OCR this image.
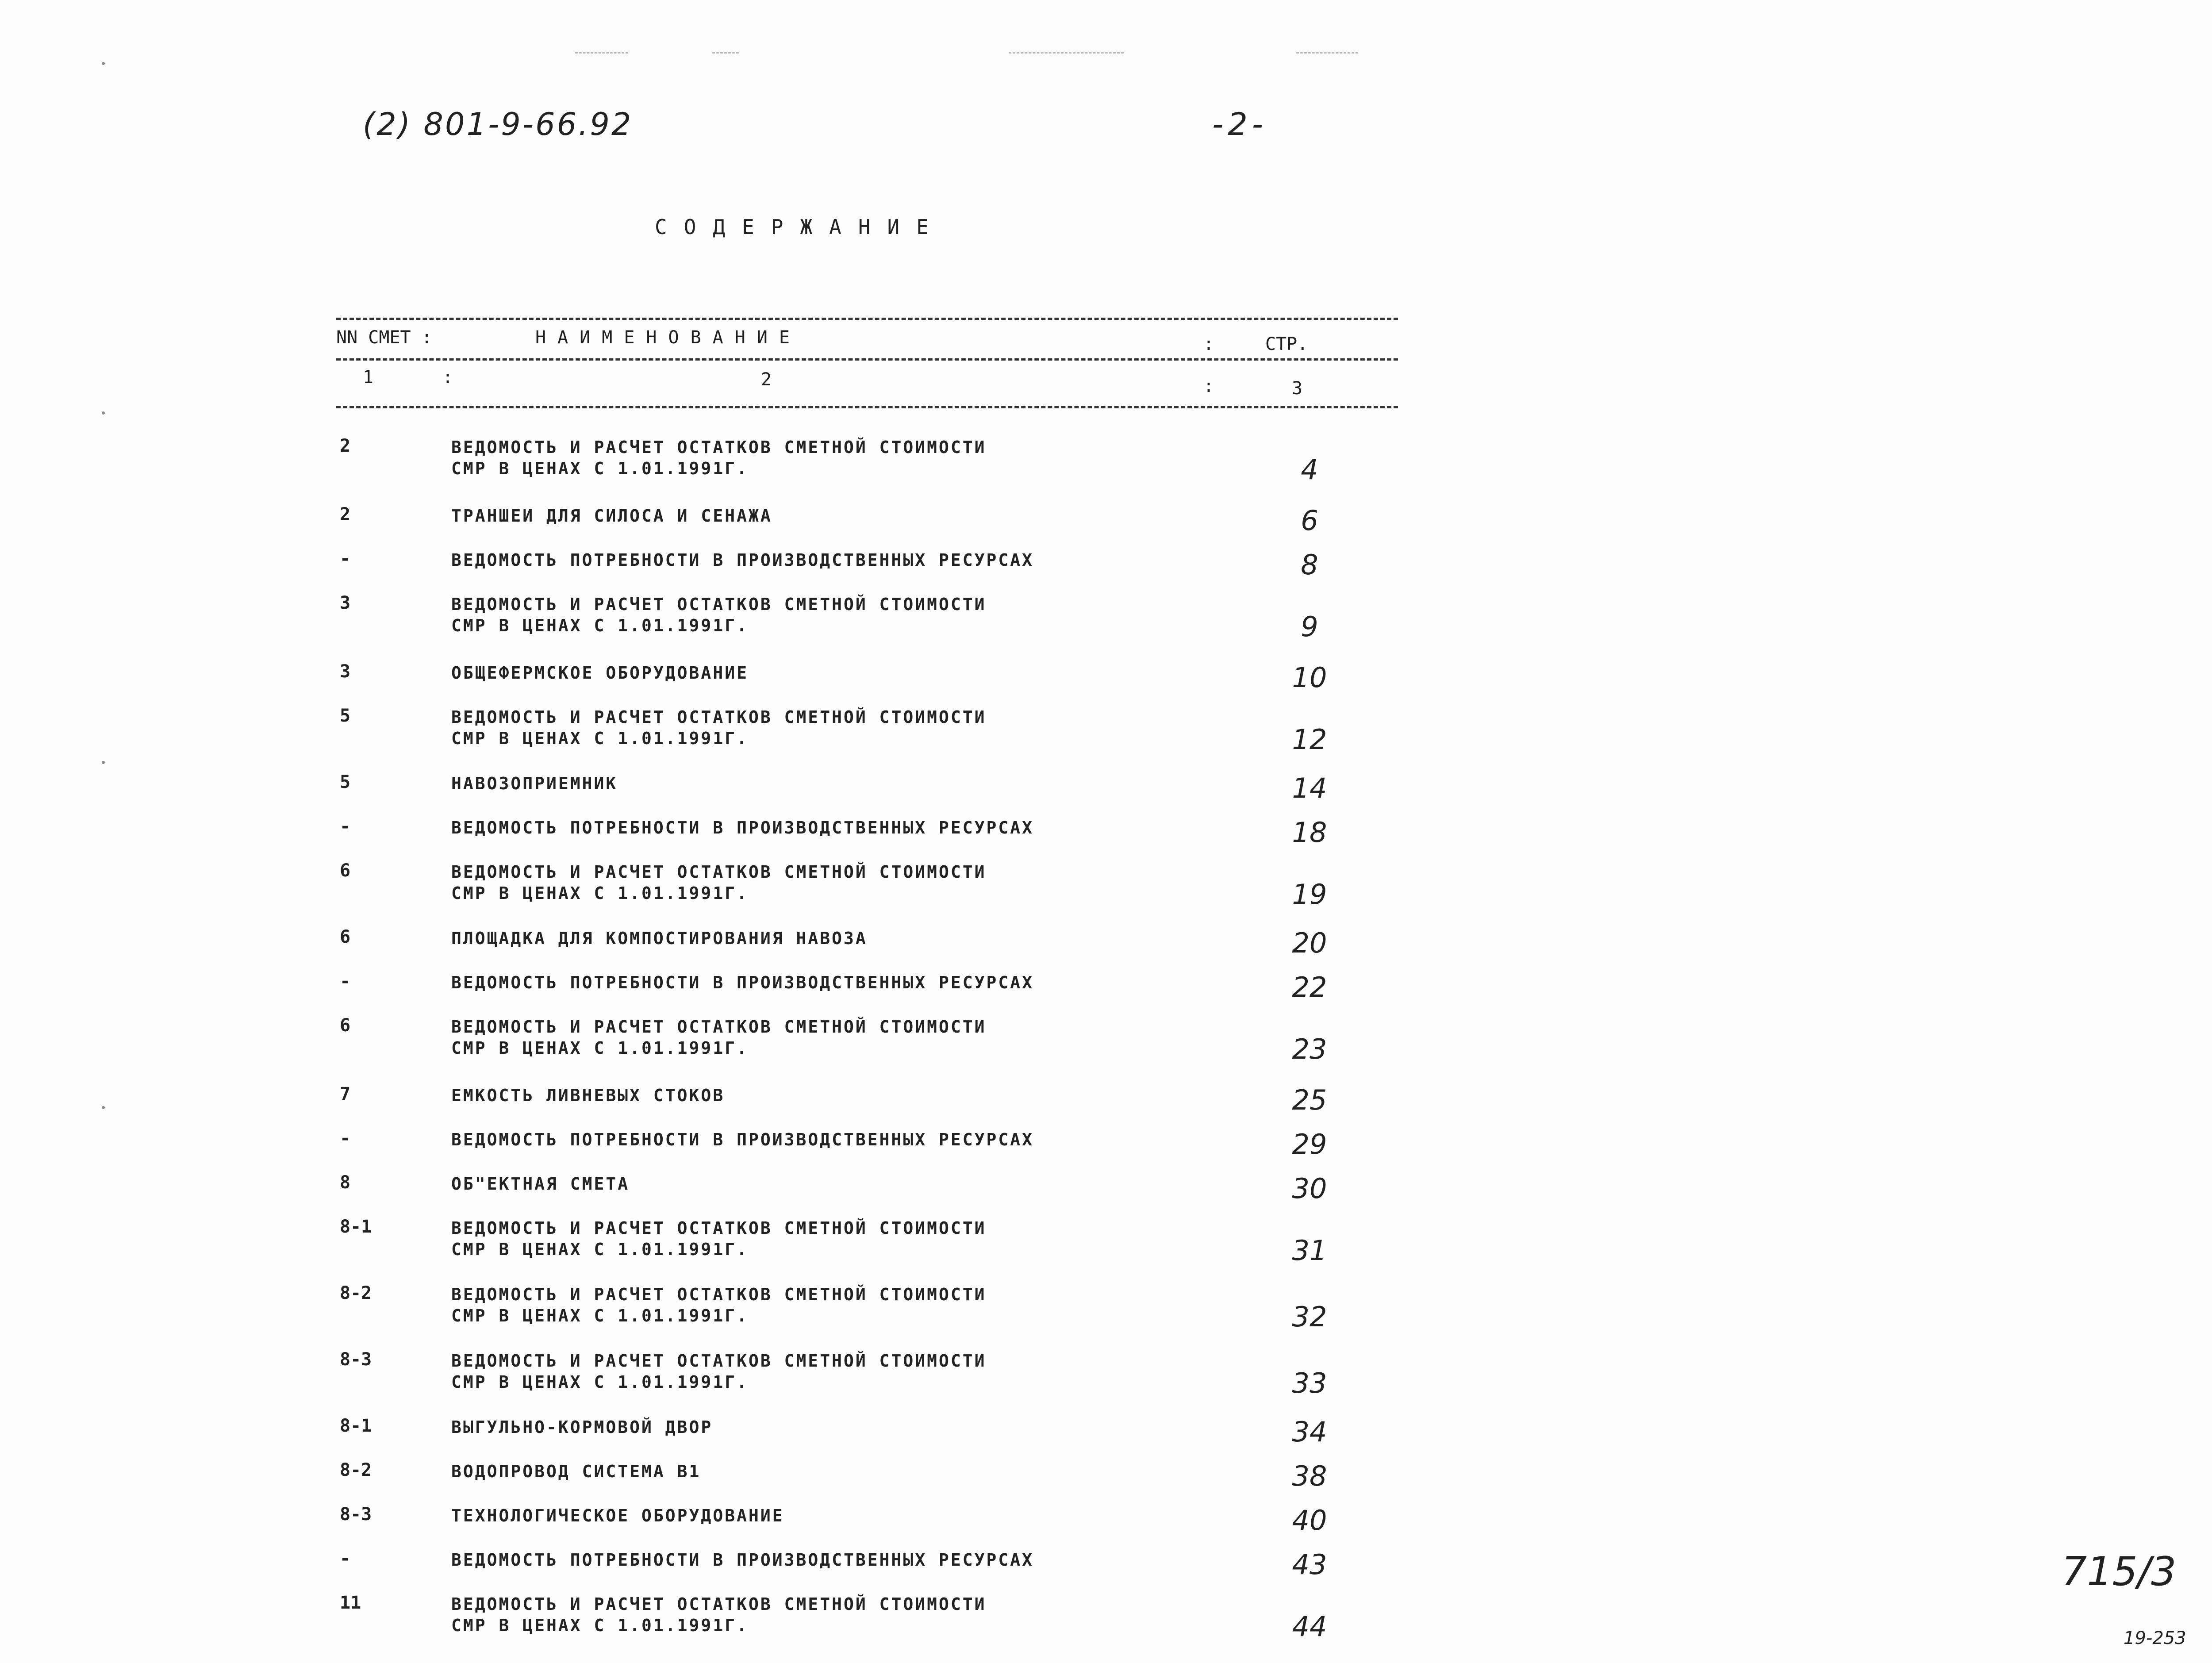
(2) 801-9-66.92	-2-
СОДЕРЖАНИЕ
NN СМЕТ :	НАИМЕНОВАНИЕ	:	СТР.
1	:	2	:	3
2	ВЕДОМОСТЬ И РАСЧЕТ ОСТАТКОВ СМЕТНОЙ СТОИМОСТИ
СМР В ЦЕНАХ С 1.01.1991Г.	4
2	ТРАНШЕИ ДЛЯ СИЛОСА И СЕНАЖА	6
-	ВЕДОМОСТЬ ПОТРЕБНОСТИ В ПРОИЗВОДСТВЕННЫХ РЕСУРСАХ	8
3	ВЕДОМОСТЬ И РАСЧЕТ ОСТАТКОВ СМЕТНОЙ СТОИМОСТИ
СМР В ЦЕНАХ С 1.01.1991Г.	9
3	ОБЩЕФЕРМСКОЕ ОБОРУДОВАНИЕ	10
5	ВЕДОМОСТЬ И РАСЧЕТ ОСТАТКОВ СМЕТНОЙ СТОИМОСТИ
СМР В ЦЕНАХ С 1.01.1991Г.	12
5	НАВОЗОПРИЕМНИК	14
-	ВЕДОМОСТЬ ПОТРЕБНОСТИ В ПРОИЗВОДСТВЕННЫХ РЕСУРСАХ	18
6	ВЕДОМОСТЬ И РАСЧЕТ ОСТАТКОВ СМЕТНОЙ СТОИМОСТИ
СМР В ЦЕНАХ С 1.01.1991Г.	19
6	ПЛОЩАДКА ДЛЯ КОМПОСТИРОВАНИЯ НАВОЗА	20
-	ВЕДОМОСТЬ ПОТРЕБНОСТИ В ПРОИЗВОДСТВЕННЫХ РЕСУРСАХ	22
6	ВЕДОМОСТЬ И РАСЧЕТ ОСТАТКОВ СМЕТНОЙ СТОИМОСТИ
СМР В ЦЕНАХ С 1.01.1991Г.	23
7	ЕМКОСТЬ ЛИВНЕВЫХ СТОКОВ	25
-	ВЕДОМОСТЬ ПОТРЕБНОСТИ В ПРОИЗВОДСТВЕННЫХ РЕСУРСАХ	29
8	ОБ"ЕКТНАЯ СМЕТА	30
8-1	ВЕДОМОСТЬ И РАСЧЕТ ОСТАТКОВ СМЕТНОЙ СТОИМОСТИ
СМР В ЦЕНАХ С 1.01.1991Г.	31
8-2	ВЕДОМОСТЬ И РАСЧЕТ ОСТАТКОВ СМЕТНОЙ СТОИМОСТИ
СМР В ЦЕНАХ С 1.01.1991Г.	32
8-3	ВЕДОМОСТЬ И РАСЧЕТ ОСТАТКОВ СМЕТНОЙ СТОИМОСТИ
СМР В ЦЕНАХ С 1.01.1991Г.	33
8-1	ВЫГУЛЬНО-КОРМОВОЙ ДВОР	34
8-2	ВОДОПРОВОД СИСТЕМА В1	38
8-3	ТЕХНОЛОГИЧЕСКОЕ ОБОРУДОВАНИЕ	40
-	ВЕДОМОСТЬ ПОТРЕБНОСТИ В ПРОИЗВОДСТВЕННЫХ РЕСУРСАХ	43
11	ВЕДОМОСТЬ И РАСЧЕТ ОСТАТКОВ СМЕТНОЙ СТОИМОСТИ
СМР В ЦЕНАХ С 1.01.1991Г.	44
715/3
19-253
